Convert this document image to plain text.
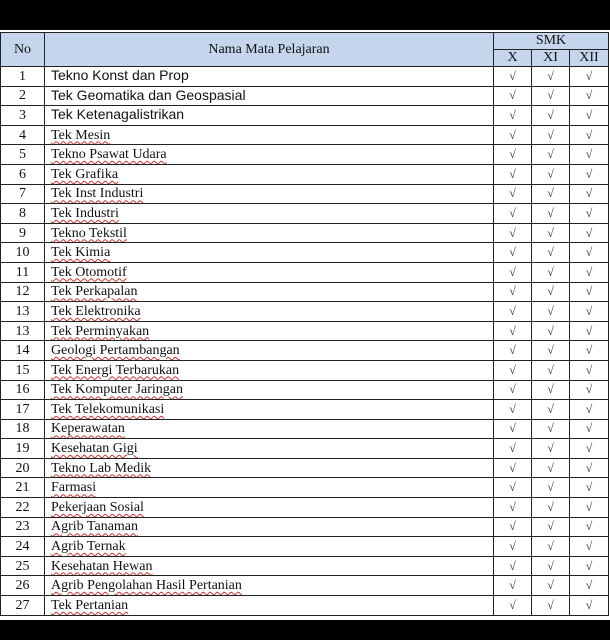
No	Nama Mata Pelajaran	SMK		
		X	XI	XII
1	Tekno Konst dan Prop	√	√	√
2	Tek Geomatika dan Geospasial	√	√	√
3	Tek Ketenagalistrikan	√	√	√
4	Tek Mesin	√	√	√
5	Tekno Psawat Udara	√	√	√
6	Tek Grafika	√	√	√
7	Tek Inst Industri	√	√	√
8	Tek Industri	√	√	√
9	Tekno Tekstil	√	√	√
10	Tek Kimia	√	√	√
11	Tek Otomotif	√	√	√
12	Tek Perkapalan	√	√	√
13	Tek Elektronika	√	√	√
13	Tek Perminyakan	√	√	√
14	Geologi Pertambangan	√	√	√
15	Tek Energi Terbarukan	√	√	√
16	Tek Komputer Jaringan	√	√	√
17	Tek Telekomunikasi	√	√	√
18	Keperawatan	√	√	√
19	Kesehatan Gigi	√	√	√
20	Tekno Lab Medik	√	√	√
21	Farmasi	√	√	√
22	Pekerjaan Sosial	√	√	√
23	Agrib Tanaman	√	√	√
24	Agrib Ternak	√	√	√
25	Kesehatan Hewan	√	√	√
26	Agrib Pengolahan Hasil Pertanian	√	√	√
27	Tek Pertanian	√	√	√
